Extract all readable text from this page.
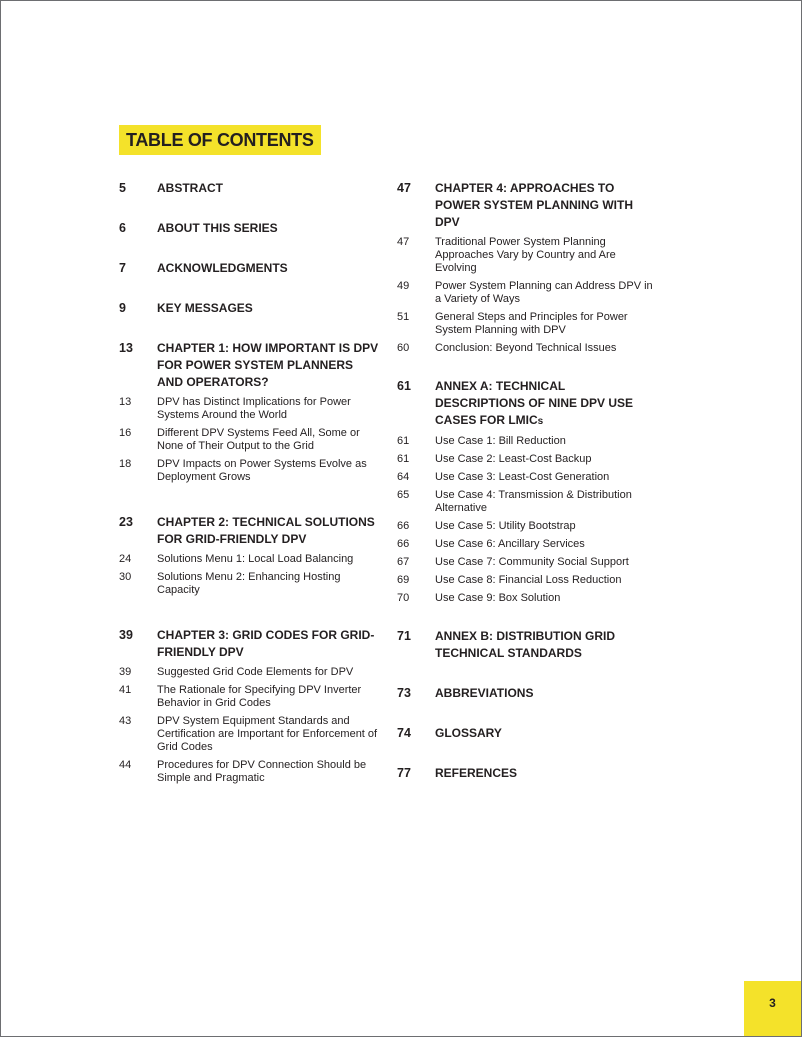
TABLE OF CONTENTS
5	ABSTRACT
6	ABOUT THIS SERIES
7	ACKNOWLEDGMENTS
9	KEY MESSAGES
13	CHAPTER 1: HOW IMPORTANT IS DPV FOR POWER SYSTEM PLANNERS AND OPERATORS?
13	DPV has Distinct Implications for Power Systems Around the World
16	Different DPV Systems Feed All, Some or None of Their Output to the Grid
18	DPV Impacts on Power Systems Evolve as Deployment Grows
23	CHAPTER 2: TECHNICAL SOLUTIONS FOR GRID-FRIENDLY DPV
24	Solutions Menu 1: Local Load Balancing
30	Solutions Menu 2: Enhancing Hosting Capacity
39	CHAPTER 3: GRID CODES FOR GRID-FRIENDLY DPV
39	Suggested Grid Code Elements for DPV
41	The Rationale for Specifying DPV Inverter Behavior in Grid Codes
43	DPV System Equipment Standards and Certification are Important for Enforcement of Grid Codes
44	Procedures for DPV Connection Should be Simple and Pragmatic
47	CHAPTER 4: APPROACHES TO POWER SYSTEM PLANNING WITH DPV
47	Traditional Power System Planning Approaches Vary by Country and Are Evolving
49	Power System Planning can Address DPV in a Variety of Ways
51	General Steps and Principles for Power System Planning with DPV
60	Conclusion: Beyond Technical Issues
61	ANNEX A: TECHNICAL DESCRIPTIONS OF NINE DPV USE CASES FOR LMICs
61	Use Case 1: Bill Reduction
61	Use Case 2: Least-Cost Backup
64	Use Case 3: Least-Cost Generation
65	Use Case 4: Transmission & Distribution Alternative
66	Use Case 5: Utility Bootstrap
66	Use Case 6: Ancillary Services
67	Use Case 7: Community Social Support
69	Use Case 8: Financial Loss Reduction
70	Use Case 9: Box Solution
71	ANNEX B: DISTRIBUTION GRID TECHNICAL STANDARDS
73	ABBREVIATIONS
74	GLOSSARY
77	REFERENCES
3
